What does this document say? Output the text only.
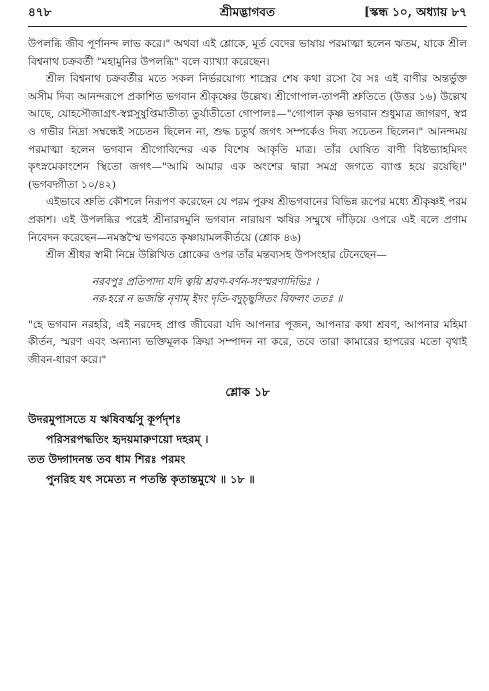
৪৭৮	শ্রীমদ্ভাগবত	[স্কন্ধ ১০, অধ্যায় ৮৭

উপলব্ধি জীব পূর্ণানন্দ লাভ করে।" অথবা এই শ্লোকে, মূর্ত বেদের ভাষায় পরমাত্মা হলেন ঋতম, যাকে শ্রীল বিশ্বনাথ চক্রবর্তী "মহামুনির উপলব্ধি" বলে ব্যাখ্যা করেছেন।

শ্রীল বিশ্বনাথ চক্রবর্তীর মতে সকল নির্ভরযোগ্য শাস্ত্রের শেষ কথা রসো বৈ সঃ এই বাণীর অন্তর্ভুক্ত অসীম দিব্য আনন্দরূপে প্রকাশিত ভগবান শ্রীকৃষ্ণের উল্লেখ। শ্রীগোপাল-তাপনী শ্রুতিতে (উত্তর ১৬) উল্লেখ আছে, যোহসৌজাগ্রৎ-স্বপ্নসুষুপ্তিমাতীত্য তুর্যাতীতো গোপালঃ—"গোপাল কৃষ্ণ ভগবান শুধুমাত্র জাগরণ, স্বপ্ন ও গভীর নিদ্রা সম্বন্ধেই সচেতন ছিলেন না, শুদ্ধ চতুর্থ জগৎ সম্পর্কেও দিব্য সচেতন ছিলেন।" আনন্দময় পরমাত্মা হলেন ভগবান শ্রীগোবিন্দের এক বিশেষ আকৃতি মাত্র। তাঁর ঘোষিত বাণী বিষ্টভ্যাহমিদং কৃৎস্নমেকাংশেন স্থিতো জগৎ—"আমি আমার এক অংশের দ্বারা সমগ্র জগতে ব্যাপ্ত হয়ে রয়েছি।" (ভগবদ্গীতা ১০/৪২)

এইভাবে শ্রুতি কৌশলে নিরূপণ করেছেন যে পরম পুরুষ শ্রীভগবানের বিভিন্ন রূপের মধ্যে শ্রীকৃষ্ণই পরম প্রকাশ। এই উপলব্ধির পরেই শ্রীনারদমুনি ভগবান নারায়ণ ঋষির সম্মুখে দাঁড়িয়ে ওপরে এই বলে প্রণাম নিবেদন করেছেন—নমস্তস্মৈ ভগবতে কৃষ্ণায়ামলকীর্তয়ে (শ্লোক ৪৬)

শ্রীল শ্রীধর স্বামী নিম্নে উল্লিখিত শ্লোকের ওপর তাঁর মন্তব্যসহ উপসংহার টেনেছেন—

নরবপুঃ প্রতিপাদ্য যদি ত্বয়ি শ্রবণ-বর্ণন-সংস্মরণাদিভিঃ ।
নর-হরে ন ভজন্তি নৃণাম্ ইদং দৃতি-বদুচ্ছ্বসিতং বিফলং ততঃ ॥

"হে ভগবান নরহরি, এই নরদেহ প্রাপ্ত জীবেরা যদি আপনার পূজন, আপনার কথা শ্রবণ, আপনার মহিমা কীর্তন, স্মরণ এবং অন্যান্য ভক্তিমূলক ক্রিয়া সম্পাদন না করে, তবে তারা কামারের হাপরের মতো বৃথাই জীবন-ধারণ করে।"

শ্লোক ১৮
উদরমুপাসতে য ঋষিবর্ত্মসু কূর্পদৃশঃ
পরিসরপদ্ধতিং হৃদয়মারুণয়ো দহরম্ ।
তত উদ্গাদনন্ত তব ধাম শিরঃ পরমং
পুনরিহ যৎ সমেত্য ন পতন্তি কৃতান্তমুখে ॥ ১৮ ॥
